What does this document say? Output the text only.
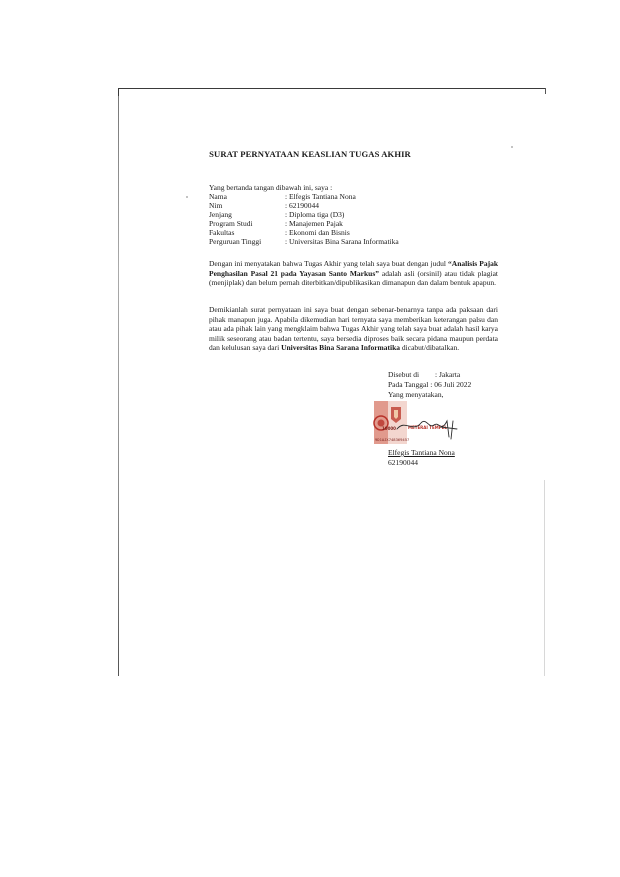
SURAT PERNYATAAN KEASLIAN TUGAS AKHIR
Yang bertanda tangan dibawah ini, saya :
Nama	: Elfegis Tantiana Nona
Nim	: 62190044
Jenjang	: Diploma tiga (D3)
Program Studi	: Manajemen Pajak
Fakultas	: Ekonomi dan Bisnis
Perguruan Tinggi	: Universitas Bina Sarana Informatika
Dengan ini menyatakan bahwa Tugas Akhir yang telah saya buat dengan judul “Analisis Pajak Penghasilan Pasal 21 pada Yayasan Santo Markus” adalah asli (orsinil) atau tidak plagiat (menjiplak) dan belum pernah diterbitkan/dipublikasikan dimanapun dan dalam bentuk apapun.
Demikianlah surat pernyataan ini saya buat dengan sebenar-benarnya tanpa ada paksaan dari pihak manapun juga. Apabila dikemudian hari ternyata saya memberikan keterangan palsu dan atau ada pihak lain yang mengklaim bahwa Tugas Akhir yang telah saya buat adalah hasil karya milik seseorang atau badan tertentu, saya bersedia diproses baik secara pidana maupun perdata dan kelulusan saya dari Universitas Bina Sarana Informatika dicabut/dibatalkan.
Disebut di : Jakarta
Pada Tanggal : 06 Juli 2022
Yang menyatakan,
9D1AJX748369457
10000	METERAI TEMPEL
Elfegis Tantiana Nona
62190044
